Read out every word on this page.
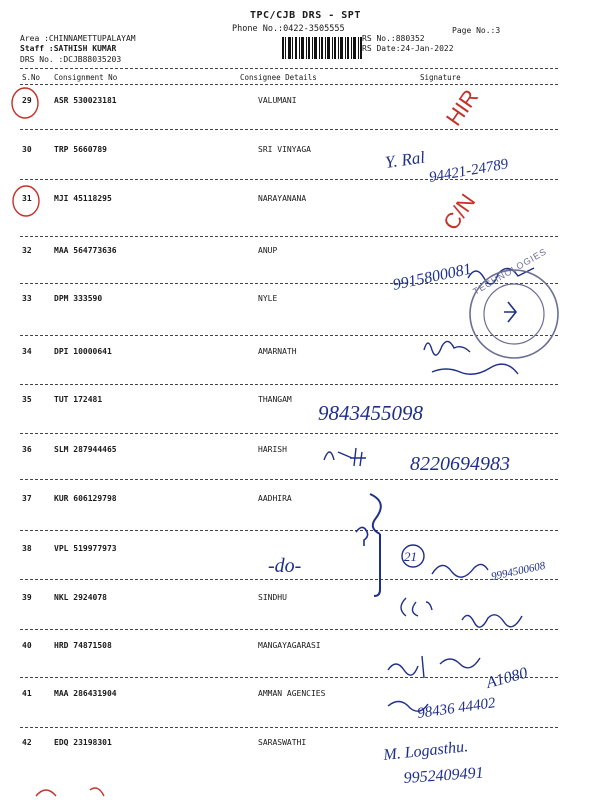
TPC/CJB DRS - SPT
Phone No.:0422-3505555	Page No.:3
Area :CHINNAMETTUPALAYAM
Staff :SATHISH KUMAR
DRS No. :DCJB88035203
RS No.:880352
RS Date:24-Jan-2022
S.No Consignment No	Consignee Details	Signature
29	ASR 530023181	VALUMANI
30	TRP 5660789	SRI VINYAGA
31	MJI 45118295	NARAYANANA
32	MAA 564773636	ANUP
33	DPM 333590	NYLE
34	DPI 10000641	AMARNATH
35	TUT 172481	THANGAM
36	SLM 287944465	HARISH
37	KUR 606129798	AADHIRA
38	VPL 519977973
39	NKL 2924078	SINDHU
40	HRD 74871508	MANGAYAGARASI
41	MAA 286431904	AMMAN AGENCIES
42	EDQ 23198301	SARASWATHI
HIR
C/N
Y. Ral 94421-24789
9915800081
9843455098
8220694983
-do-	9994500608
A1080
98436 44402
M. Logasthu.
9952409491
21
TECHNOLOGIES
